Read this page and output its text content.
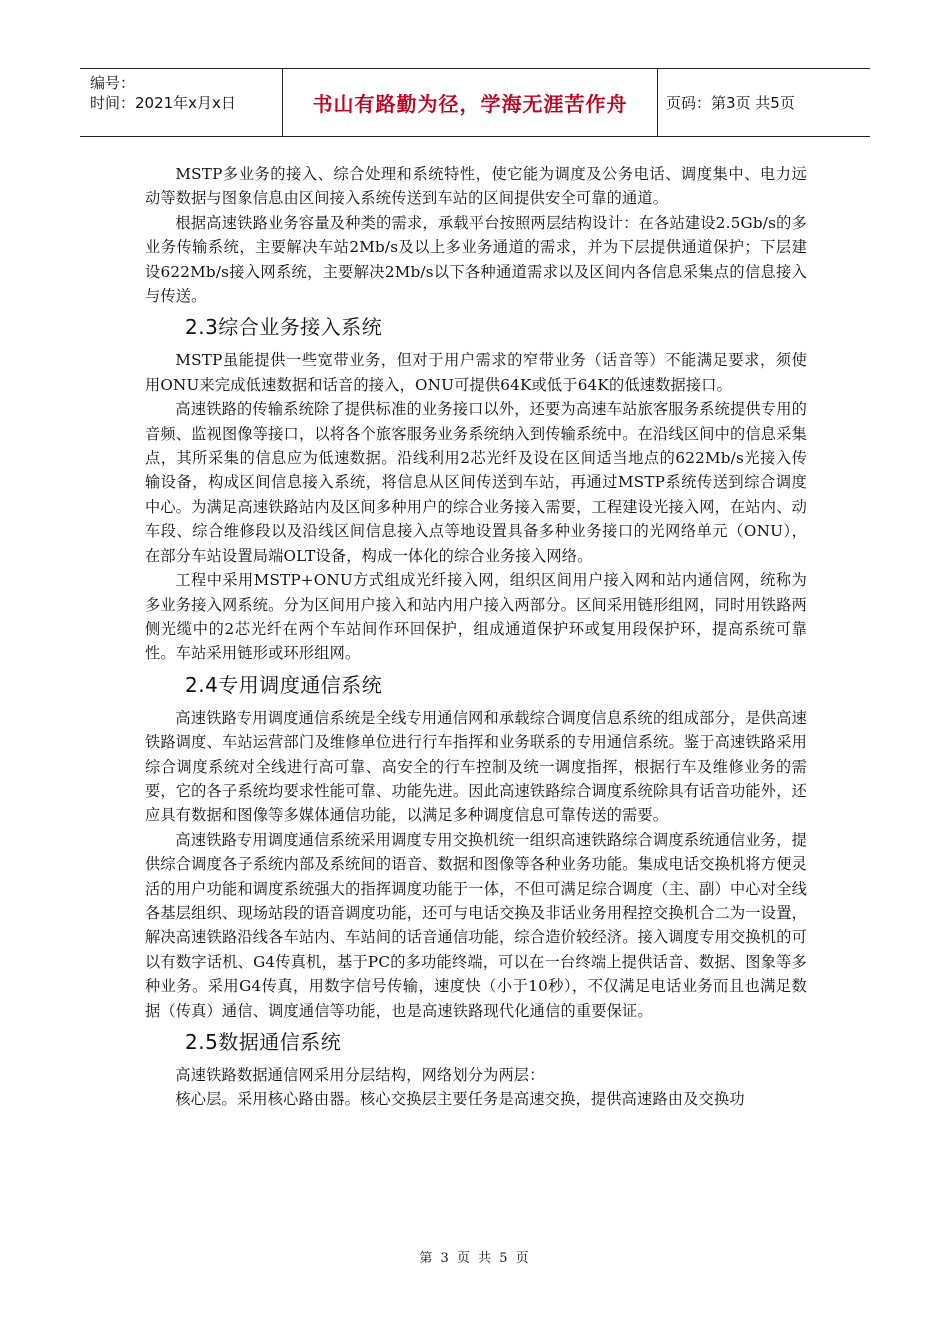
编号：
时间：2021年x月x日	书山有路勤为径，学海无涯苦作舟	页码：第3页 共5页

MSTP多业务的接入、综合处理和系统特性，使它能为调度及公务电话、调度集中、电力远动等数据与图象信息由区间接入系统传送到车站的区间提供安全可靠的通道。

根据高速铁路业务容量及种类的需求，承载平台按照两层结构设计：在各站建设2.5Gb/s的多业务传输系统，主要解决车站2Mb/s及以上多业务通道的需求，并为下层提供通道保护；下层建设622Mb/s接入网系统，主要解决2Mb/s以下各种通道需求以及区间内各信息采集点的信息接入与传送。

2.3综合业务接入系统

MSTP虽能提供一些宽带业务，但对于用户需求的窄带业务（话音等）不能满足要求，须使用ONU来完成低速数据和话音的接入，ONU可提供64K或低于64K的低速数据接口。

高速铁路的传输系统除了提供标准的业务接口以外，还要为高速车站旅客服务系统提供专用的音频、监视图像等接口，以将各个旅客服务业务系统纳入到传输系统中。在沿线区间中的信息采集点，其所采集的信息应为低速数据。沿线利用2芯光纤及设在区间适当地点的622Mb/s光接入传输设备，构成区间信息接入系统，将信息从区间传送到车站，再通过MSTP系统传送到综合调度中心。为满足高速铁路站内及区间多种用户的综合业务接入需要，工程建设光接入网，在站内、动车段、综合维修段以及沿线区间信息接入点等地设置具备多种业务接口的光网络单元（ONU），在部分车站设置局端OLT设备，构成一体化的综合业务接入网络。

工程中采用MSTP+ONU方式组成光纤接入网，组织区间用户接入网和站内通信网，统称为多业务接入网系统。分为区间用户接入和站内用户接入两部分。区间采用链形组网，同时用铁路两侧光缆中的2芯光纤在两个车站间作环回保护，组成通道保护环或复用段保护环，提高系统可靠性。车站采用链形或环形组网。

2.4专用调度通信系统

高速铁路专用调度通信系统是全线专用通信网和承载综合调度信息系统的组成部分，是供高速铁路调度、车站运营部门及维修单位进行行车指挥和业务联系的专用通信系统。鉴于高速铁路采用综合调度系统对全线进行高可靠、高安全的行车控制及统一调度指挥，根据行车及维修业务的需要，它的各子系统均要求性能可靠、功能先进。因此高速铁路综合调度系统除具有话音功能外，还应具有数据和图像等多媒体通信功能，以满足多种调度信息可靠传送的需要。

高速铁路专用调度通信系统采用调度专用交换机统一组织高速铁路综合调度系统通信业务，提供综合调度各子系统内部及系统间的语音、数据和图像等各种业务功能。集成电话交换机将方便灵活的用户功能和调度系统强大的指挥调度功能于一体，不但可满足综合调度（主、副）中心对全线各基层组织、现场站段的语音调度功能，还可与电话交换及非话业务用程控交换机合二为一设置，解决高速铁路沿线各车站内、车站间的话音通信功能，综合造价较经济。接入调度专用交换机的可以有数字话机、G4传真机，基于PC的多功能终端，可以在一台终端上提供话音、数据、图象等多种业务。采用G4传真，用数字信号传输，速度快（小于10秒），不仅满足电话业务而且也满足数据（传真）通信、调度通信等功能，也是高速铁路现代化通信的重要保证。

2.5数据通信系统

高速铁路数据通信网采用分层结构，网络划分为两层：

核心层。采用核心路由器。核心交换层主要任务是高速交换，提供高速路由及交换功

第 3 页 共 5 页
